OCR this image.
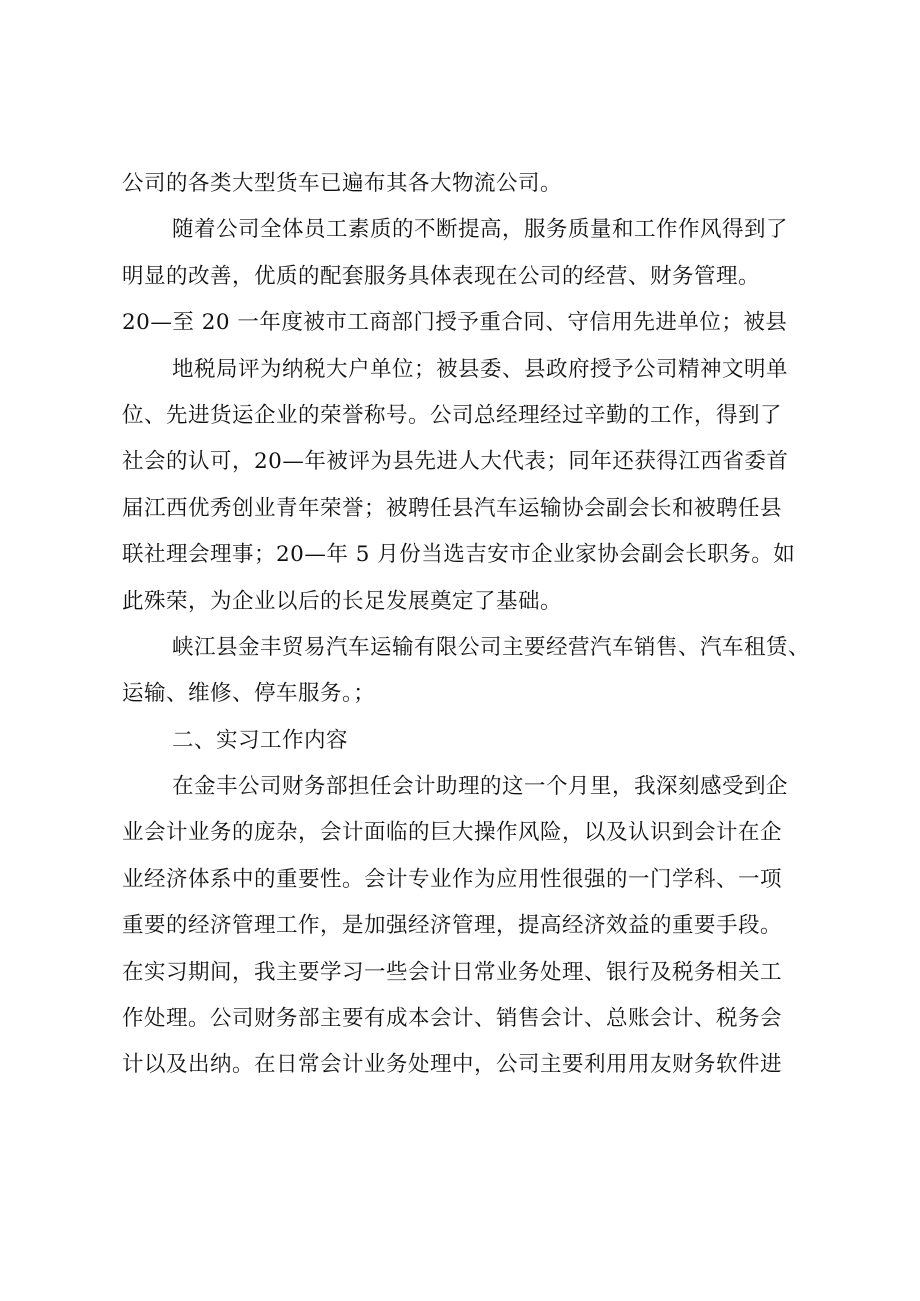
公司的各类大型货车已遍布其各大物流公司。
随着公司全体员工素质的不断提高，服务质量和工作作风得到了
明显的改善，优质的配套服务具体表现在公司的经营、财务管理。
20—至 20 一年度被市工商部门授予重合同、守信用先进单位；被县
地税局评为纳税大户单位；被县委、县政府授予公司精神文明单
位、先进货运企业的荣誉称号。公司总经理经过辛勤的工作，得到了
社会的认可，20—年被评为县先进人大代表；同年还获得江西省委首
届江西优秀创业青年荣誉；被聘任县汽车运输协会副会长和被聘任县
联社理会理事；20—年 5 月份当选吉安市企业家协会副会长职务。如
此殊荣，为企业以后的长足发展奠定了基础。
峡江县金丰贸易汽车运输有限公司主要经营汽车销售、汽车租赁、
运输、维修、停车服务。；
二、实习工作内容
在金丰公司财务部担任会计助理的这一个月里，我深刻感受到企
业会计业务的庞杂，会计面临的巨大操作风险，以及认识到会计在企
业经济体系中的重要性。会计专业作为应用性很强的一门学科、一项
重要的经济管理工作，是加强经济管理，提高经济效益的重要手段。
在实习期间，我主要学习一些会计日常业务处理、银行及税务相关工
作处理。公司财务部主要有成本会计、销售会计、总账会计、税务会
计以及出纳。在日常会计业务处理中，公司主要利用用友财务软件进
